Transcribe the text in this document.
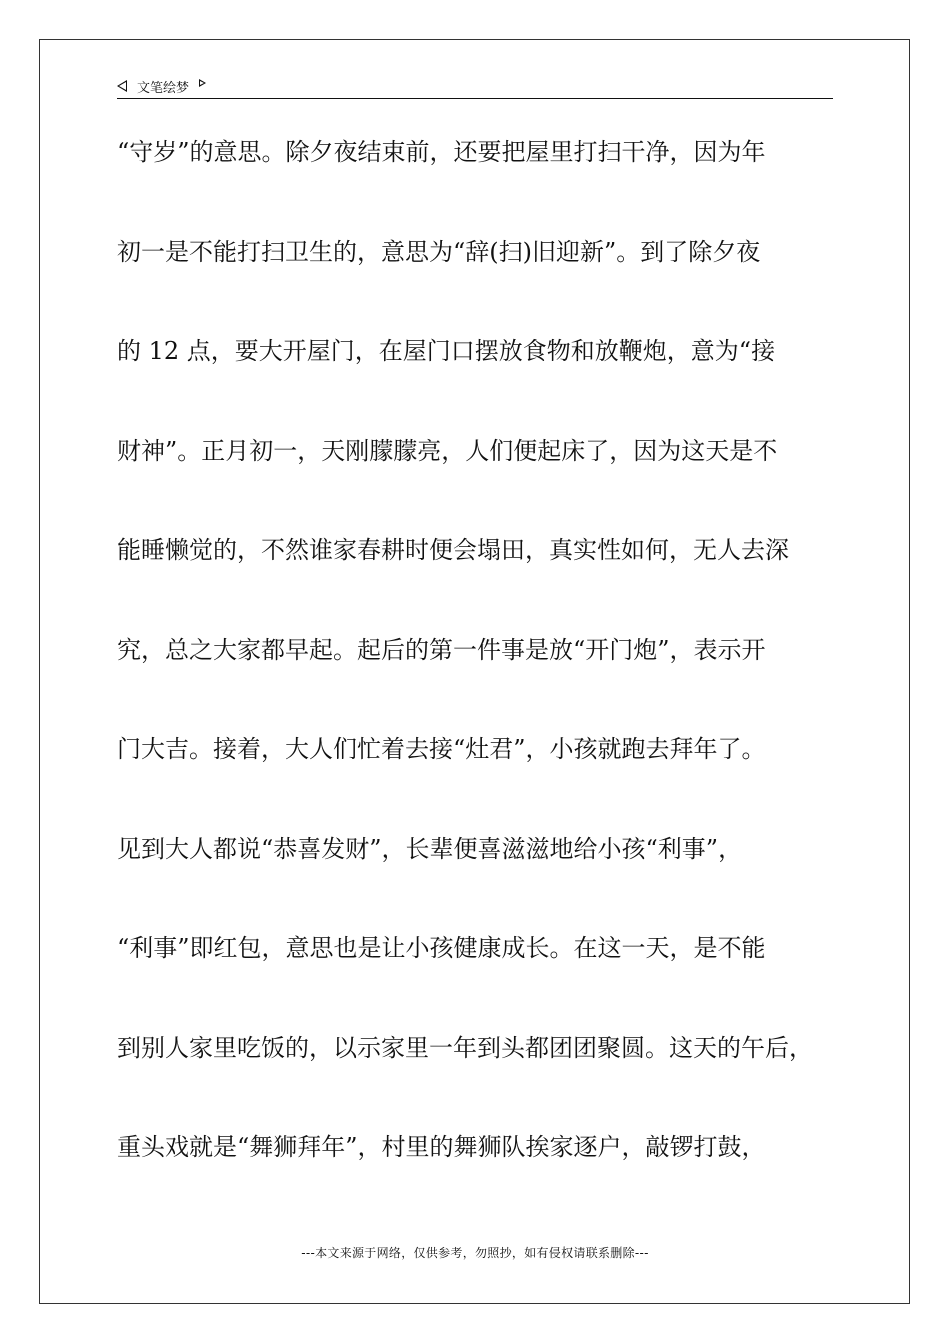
文笔绘梦
“守岁”的意思。除夕夜结束前，还要把屋里打扫干净，因为年
初一是不能打扫卫生的，意思为“辞(扫)旧迎新”。到了除夕夜
的 12 点，要大开屋门，在屋门口摆放食物和放鞭炮，意为“接
财神”。正月初一，天刚朦朦亮，人们便起床了，因为这天是不
能睡懒觉的，不然谁家春耕时便会塌田，真实性如何，无人去深
究，总之大家都早起。起后的第一件事是放“开门炮”，表示开
门大吉。接着，大人们忙着去接“灶君”，小孩就跑去拜年了。
见到大人都说“恭喜发财”，长辈便喜滋滋地给小孩“利事”，
“利事”即红包，意思也是让小孩健康成长。在这一天，是不能
到别人家里吃饭的，以示家里一年到头都团团聚圆。这天的午后，
重头戏就是“舞狮拜年”，村里的舞狮队挨家逐户，敲锣打鼓，
---本文来源于网络，仅供参考，勿照抄，如有侵权请联系删除---
